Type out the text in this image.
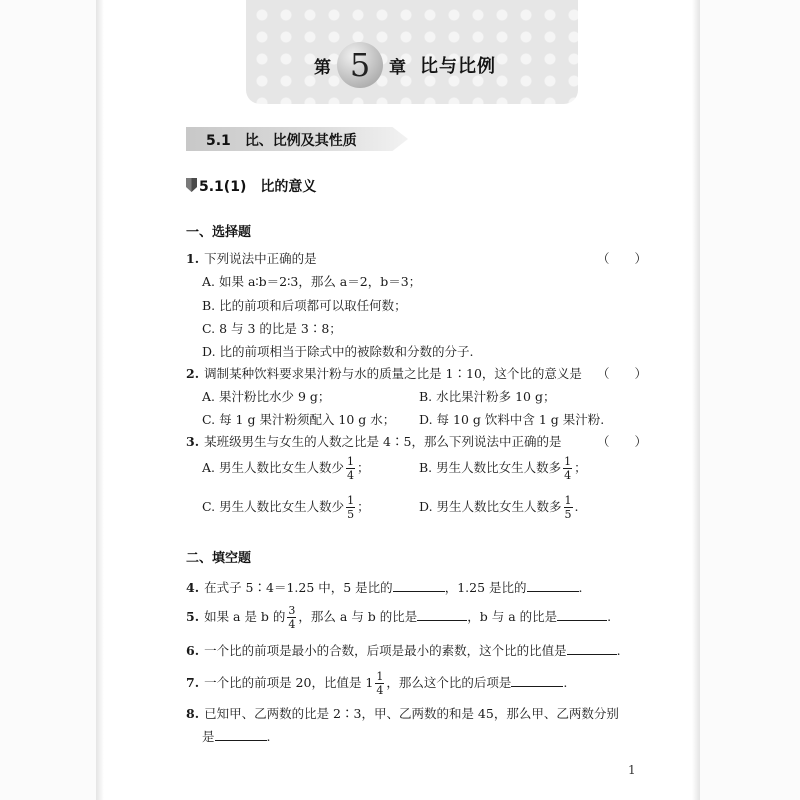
第 5 章 比与比例
5.1 比、比例及其性质
5.1(1) 比的意义
一、选择题
1. 下列说法中正确的是	（　　）
A. 如果 a∶b＝2∶3，那么 a＝2，b＝3；
B. 比的前项和后项都可以取任何数；
C. 8 与 3 的比是 3∶8；
D. 比的前项相当于除式中的被除数和分数的分子.
2. 调制某种饮料要求果汁粉与水的质量之比是 1∶10，这个比的意义是 （　　）
A. 果汁粉比水少 9 g；	B. 水比果汁粉多 10 g；
C. 每 1 g 果汁粉须配入 10 g 水； D. 每 10 g 饮料中含 1 g 果汁粉.
3. 某班级男生与女生的人数之比是 4∶5，那么下列说法中正确的是	（　　）
A. 男生人数比女生人数少 $\frac{1}{4}$ ；	B. 男生人数比女生人数多 $\frac{1}{4}$ ；
C. 男生人数比女生人数少 $\frac{1}{5}$ ；	D. 男生人数比女生人数多 $\frac{1}{5}$ .
二、填空题
4. 在式子 5∶4＝1.25 中，5 是比的	，1.25 是比的	.
5. 如果 a 是 b 的 $\frac{3}{4}$ ，那么 a 与 b 的比是	，b 与 a 的比是	.
6. 一个比的前项是最小的合数，后项是最小的素数，这个比的比值是	.
7. 一个比的前项是 20，比值是 $1 \frac{1}{4}$ ，那么这个比的后项是	.
8. 已知甲、乙两数的比是 2∶3，甲、乙两数的和是 45，那么甲、乙两数分别
是	.
1
